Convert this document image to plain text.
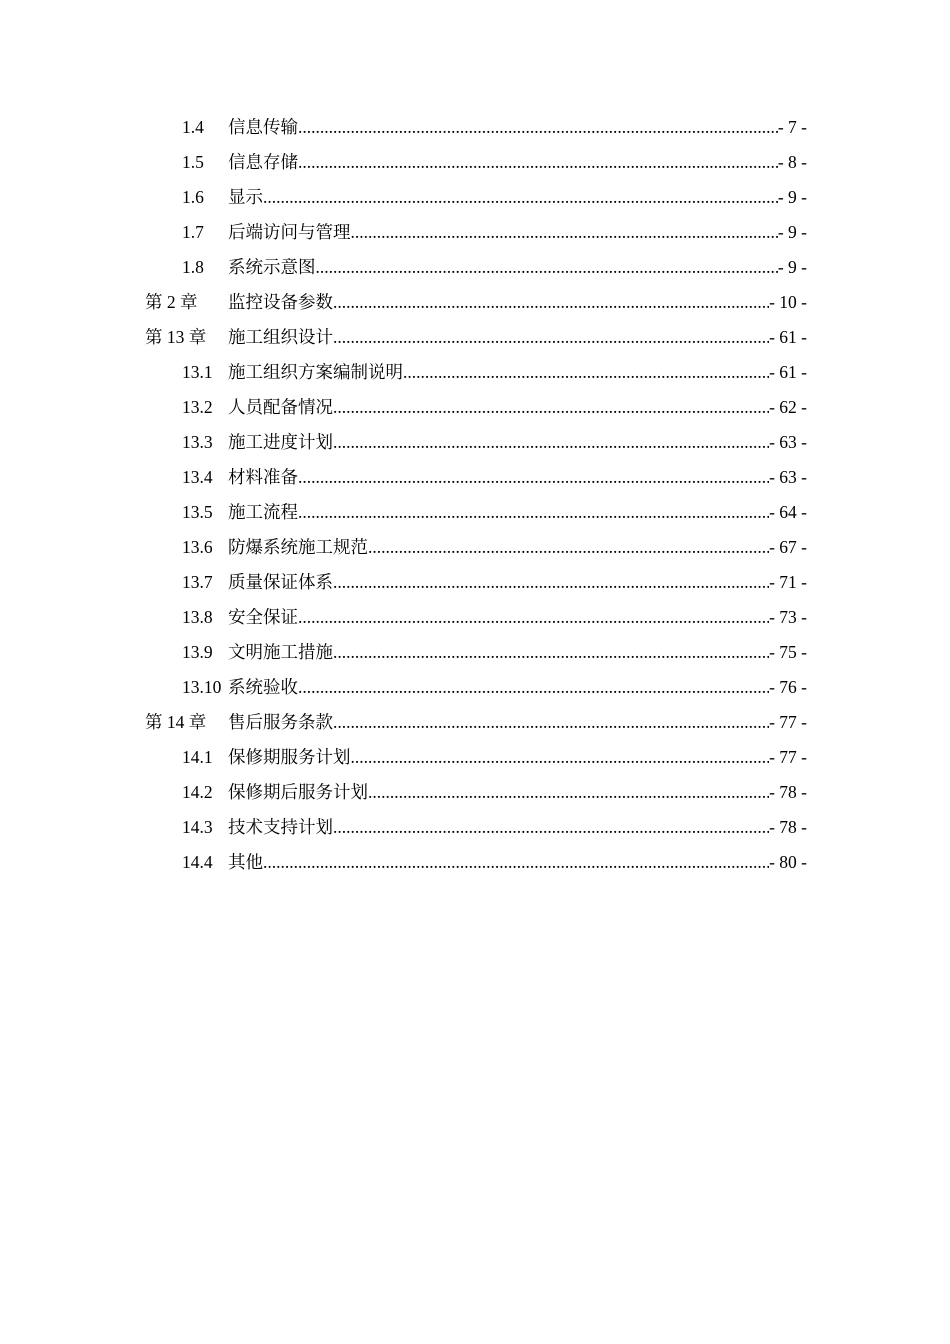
1.4	信息传输 .....	- 7 -
1.5	信息存储 .....	- 8 -
1.6	显示 .....	- 9 -
1.7	后端访问与管理 .....	- 9 -
1.8	系统示意图 .....	- 9 -
第 2 章	监控设备参数 .....	- 10 -
第 13 章	施工组织设计 .....	- 61 -
13.1 施工组织方案编制说明 .....	- 61 -
13.2 人员配备情况 .....	- 62 -
13.3 施工进度计划 .....	- 63 -
13.4 材料准备 .....	- 63 -
13.5 施工流程 .....	- 64 -
13.6 防爆系统施工规范 .....	- 67 -
13.7 质量保证体系 .....	- 71 -
13.8 安全保证 .....	- 73 -
13.9 文明施工措施 .....	- 75 -
13.10 系统验收 .....	- 76 -
第 14 章	售后服务条款 .....	- 77 -
14.1 保修期服务计划 .....	- 77 -
14.2 保修期后服务计划 .....	- 78 -
14.3 技术支持计划 .....	- 78 -
14.4 其他 .....	- 80 -
